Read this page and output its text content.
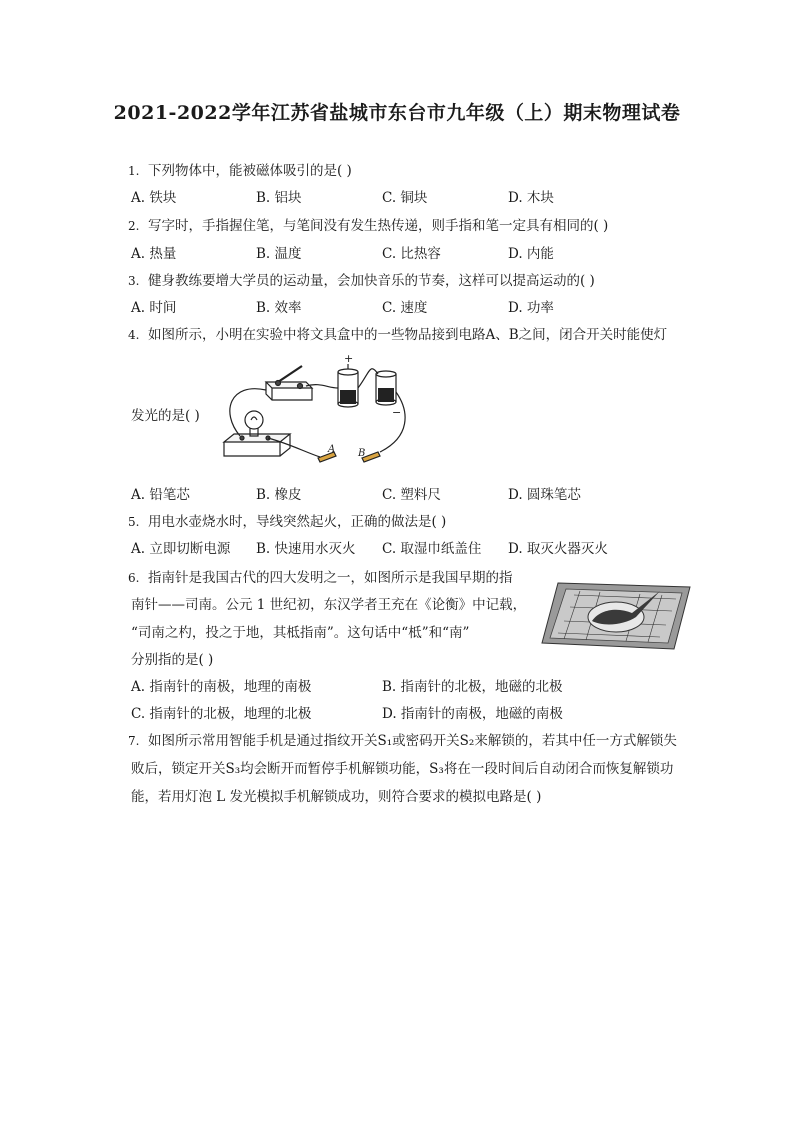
2021-2022学年江苏省盐城市东台市九年级（上）期末物理试卷
1. 下列物体中，能被磁体吸引的是( )
A. 铁块	B. 铝块	C. 铜块	D. 木块
2. 写字时，手指握住笔，与笔间没有发生热传递，则手指和笔一定具有相同的( )
A. 热量	B. 温度	C. 比热容	D. 内能
3. 健身教练要增大学员的运动量，会加快音乐的节奏，这样可以提高运动的( )
A. 时间	B. 效率	C. 速度	D. 功率
4. 如图所示，小明在实验中将文具盒中的一些物品接到电路A、B之间，闭合开关时能使灯
发光的是( )
+
−
A B
A. 铅笔芯	B. 橡皮	C. 塑料尺	D. 圆珠笔芯
5. 用电水壶烧水时，导线突然起火，正确的做法是( )
A. 立即切断电源 B. 快速用水灭火 C. 取湿巾纸盖住 D. 取灭火器灭火
6. 指南针是我国古代的四大发明之一，如图所示是我国早期的指
南针——司南。公元 1 世纪初，东汉学者王充在《论衡》中记载，
“司南之杓，投之于地，其柢指南”。这句话中“柢”和“南”
分别指的是( )
A. 指南针的南极，地理的南极	B. 指南针的北极，地磁的北极
C. 指南针的北极，地理的北极	D. 指南针的南极，地磁的南极
7. 如图所示常用智能手机是通过指纹开关S₁或密码开关S₂来解锁的，若其中任一方式解锁失
败后，锁定开关S₃均会断开而暂停手机解锁功能，S₃将在一段时间后自动闭合而恢复解锁功
能，若用灯泡 L 发光模拟手机解锁成功，则符合要求的模拟电路是( )
